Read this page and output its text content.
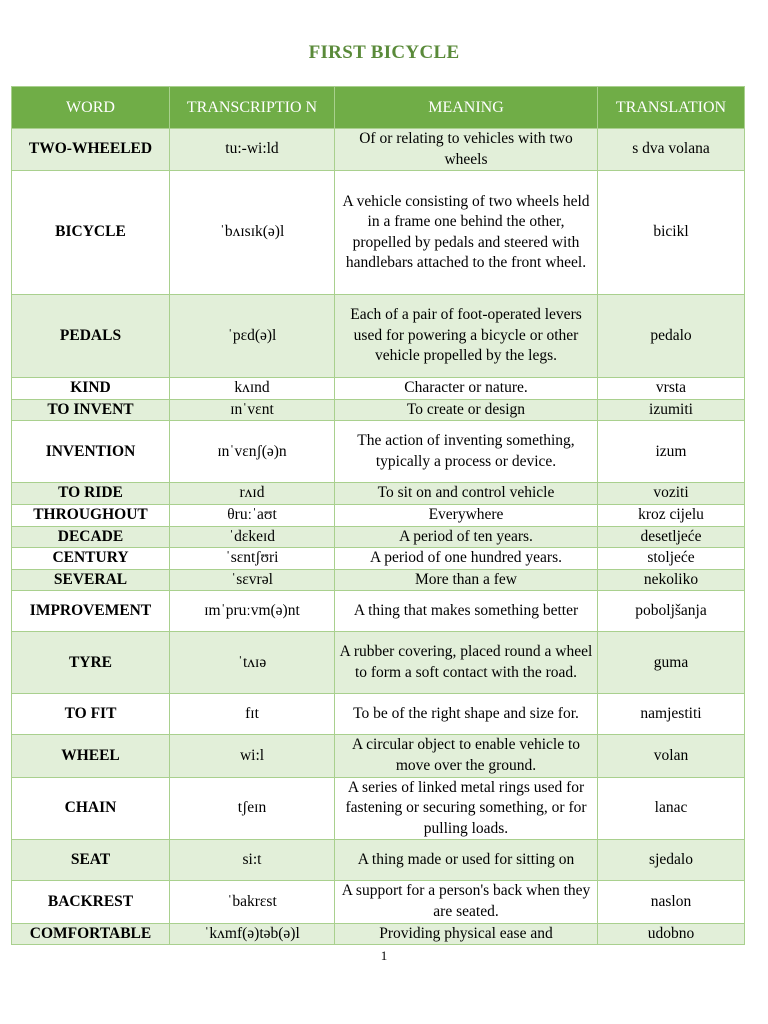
FIRST BICYCLE
WORD	TRANSCRIPTIO N	MEANING	TRANSLATION
TWO-WHEELED	tu:-wi:ld	Of or relating to vehicles with two wheels	s dva volana
BICYCLE	ˈbʌɪsɪk(ə)l	A vehicle consisting of two wheels held in a frame one behind the other, propelled by pedals and steered with handlebars attached to the front wheel.	bicikl
PEDALS	ˈpɛd(ə)l	Each of a pair of foot-operated levers used for powering a bicycle or other vehicle propelled by the legs.	pedalo
KIND	kʌɪnd	Character or nature.	vrsta
TO INVENT	ɪnˈvɛnt	To create or design	izumiti
INVENTION	ɪnˈvɛnʃ(ə)n	The action of inventing something, typically a process or device.	izum
TO RIDE	rʌɪd	To sit on and control vehicle	voziti
THROUGHOUT	θruːˈaʊt	Everywhere	kroz cijelu
DECADE	ˈdɛkeɪd	A period of ten years.	desetljeće
CENTURY	ˈsɛntʃʊri	A period of one hundred years.	stoljeće
SEVERAL	ˈsɛvrəl	More than a few	nekoliko
IMPROVEMENT	ɪmˈpruːvm(ə)nt	A thing that makes something better	poboljšanja
TYRE	ˈtʌɪə	A rubber covering, placed round a wheel to form a soft contact with the road.	guma
TO FIT	fɪt	To be of the right shape and size for.	namjestiti
WHEEL	wi:l	A circular object to enable vehicle to move over the ground.	volan
CHAIN	tʃeɪn	A series of linked metal rings used for fastening or securing something, or for pulling loads.	lanac
SEAT	si:t	A thing made or used for sitting on	sjedalo
BACKREST	ˈbakrɛst	A support for a person's back when they are seated.	naslon
COMFORTABLE	ˈkʌmf(ə)təb(ə)l	Providing physical ease and	udobno
1
